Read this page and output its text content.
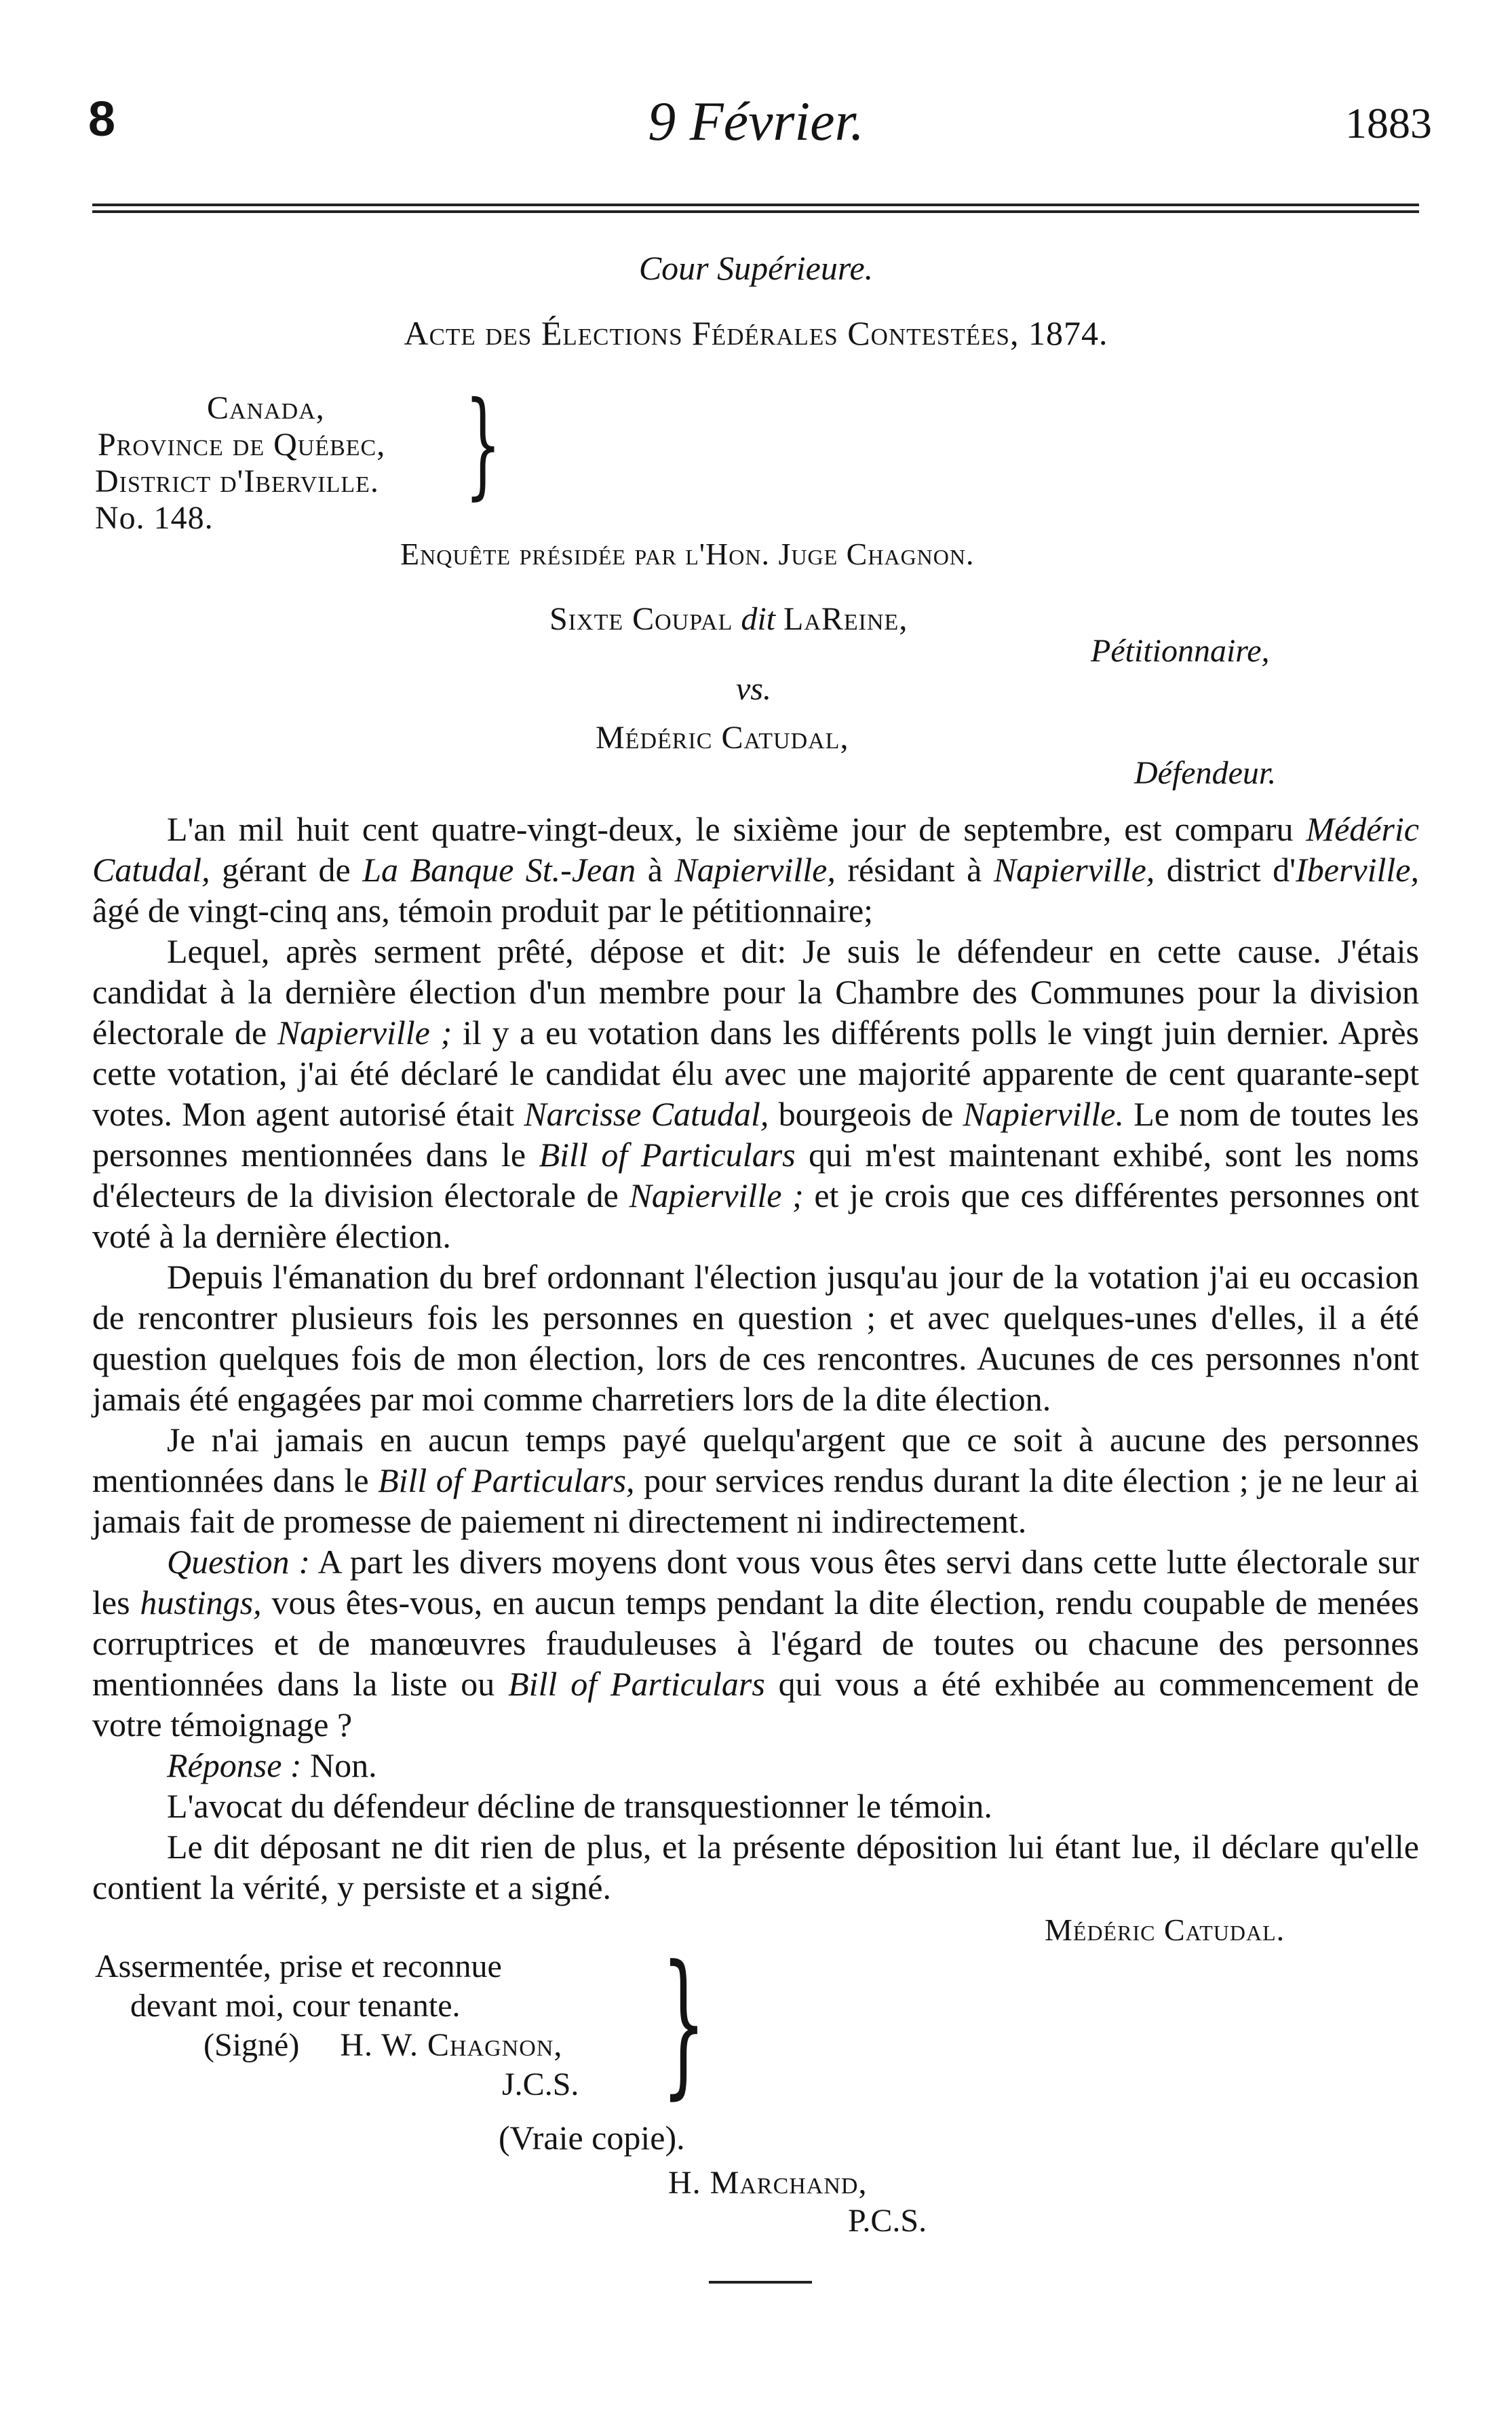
8	9 Février.	1883
Cour Supérieure.
Acte des Élections Fédérales Contestées, 1874.
Canada,
Province de Québec,
District d'Iberville.
No. 148.
}
Enquête présidée par l'Hon. Juge Chagnon.
Sixte Coupal dit LaReine,
Pétitionnaire,
vs.
Médéric Catudal,
Défendeur.

L'an mil huit cent quatre-vingt-deux, le sixième jour de septembre, est comparu Médéric Catudal, gérant de La Banque St.-Jean à Napierville, résidant à Napierville, district d'Iberville, âgé de vingt-cinq ans, témoin produit par le pétitionnaire;

Lequel, après serment prêté, dépose et dit: Je suis le défendeur en cette cause. J'étais candidat à la dernière élection d'un membre pour la Chambre des Communes pour la division électorale de Napierville ; il y a eu votation dans les différents polls le vingt juin dernier. Après cette votation, j'ai été déclaré le candidat élu avec une majorité apparente de cent quarante-sept votes. Mon agent autorisé était Narcisse Catudal, bourgeois de Napierville. Le nom de toutes les personnes mentionnées dans le Bill of Particulars qui m'est maintenant exhibé, sont les noms d'électeurs de la division électorale de Napierville ; et je crois que ces différentes personnes ont voté à la dernière élection.

Depuis l'émanation du bref ordonnant l'élection jusqu'au jour de la votation j'ai eu occasion de rencontrer plusieurs fois les personnes en question ; et avec quelques-unes d'elles, il a été question quelques fois de mon élection, lors de ces rencontres. Aucunes de ces personnes n'ont jamais été engagées par moi comme charretiers lors de la dite élection.

Je n'ai jamais en aucun temps payé quelqu'argent que ce soit à aucune des personnes mentionnées dans le Bill of Particulars, pour services rendus durant la dite élection ; je ne leur ai jamais fait de promesse de paiement ni directement ni indirectement.

Question : A part les divers moyens dont vous vous êtes servi dans cette lutte électorale sur les hustings, vous êtes-vous, en aucun temps pendant la dite élection, rendu coupable de menées corruptrices et de manœuvres frauduleuses à l'égard de toutes ou chacune des personnes mentionnées dans la liste ou Bill of Particulars qui vous a été exhibée au commencement de votre témoignage ?

Réponse : Non.

L'avocat du défendeur décline de transquestionner le témoin.

Le dit déposant ne dit rien de plus, et la présente déposition lui étant lue, il déclare qu'elle contient la vérité, y persiste et a signé.

Médéric Catudal.
Assermentée, prise et reconnue
devant moi, cour tenante.
(Signé) H. W. Chagnon,
J.C.S. }
(Vraie copie).
H. Marchand,
P.C.S.
